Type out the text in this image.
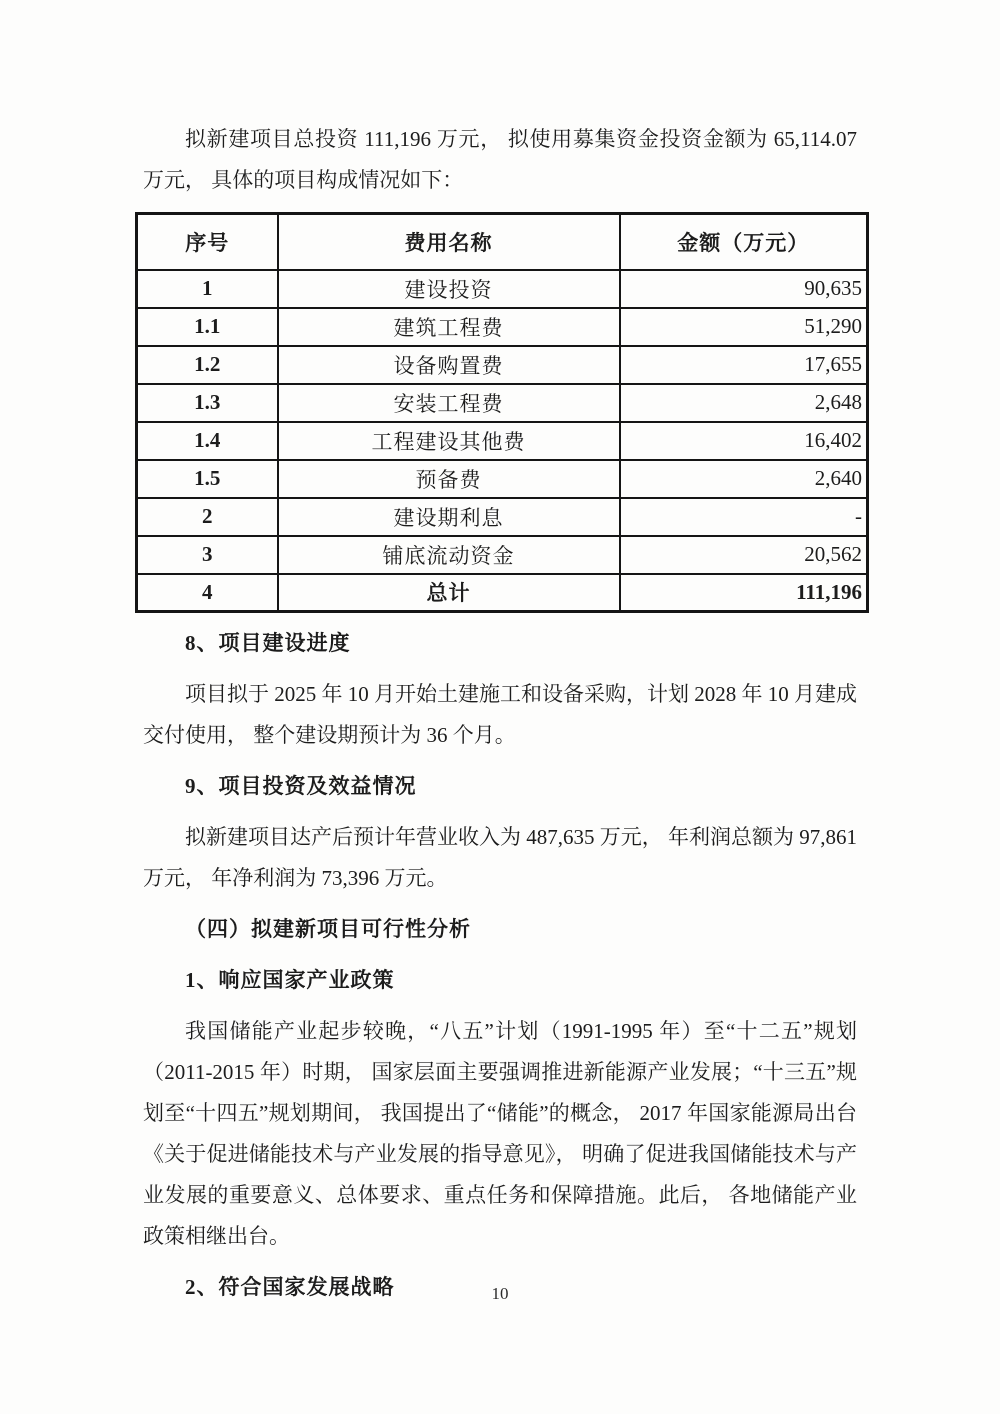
拟新建项目总投资 111,196 万元， 拟使用募集资金投资金额为 65,114.07 万元， 具体的项目构成情况如下：

序号	费用名称	金额（万元）
1	建设投资	90,635
1.1	建筑工程费	51,290
1.2	设备购置费	17,655
1.3	安装工程费	2,648
1.4	工程建设其他费	16,402
1.5	预备费	2,640
2	建设期利息	-
3	铺底流动资金	20,562
4	总计	111,196
8、项目建设进度

项目拟于 2025 年 10 月开始土建施工和设备采购，计划 2028 年 10 月建成交付使用， 整个建设期预计为 36 个月。

9、项目投资及效益情况

拟新建项目达产后预计年营业收入为 487,635 万元， 年利润总额为 97,861 万元， 年净利润为 73,396 万元。

（四）拟建新项目可行性分析
1、响应国家产业政策

我国储能产业起步较晚，“八五”计划（1991-1995 年）至“十二五”规划（2011-2015 年）时期， 国家层面主要强调推进新能源产业发展；“十三五”规划至“十四五”规划期间， 我国提出了“储能”的概念， 2017 年国家能源局出台《关于促进储能技术与产业发展的指导意见》， 明确了促进我国储能技术与产业发展的重要意义、总体要求、重点任务和保障措施。此后， 各地储能产业政策相继出台。

2、符合国家发展战略	10
